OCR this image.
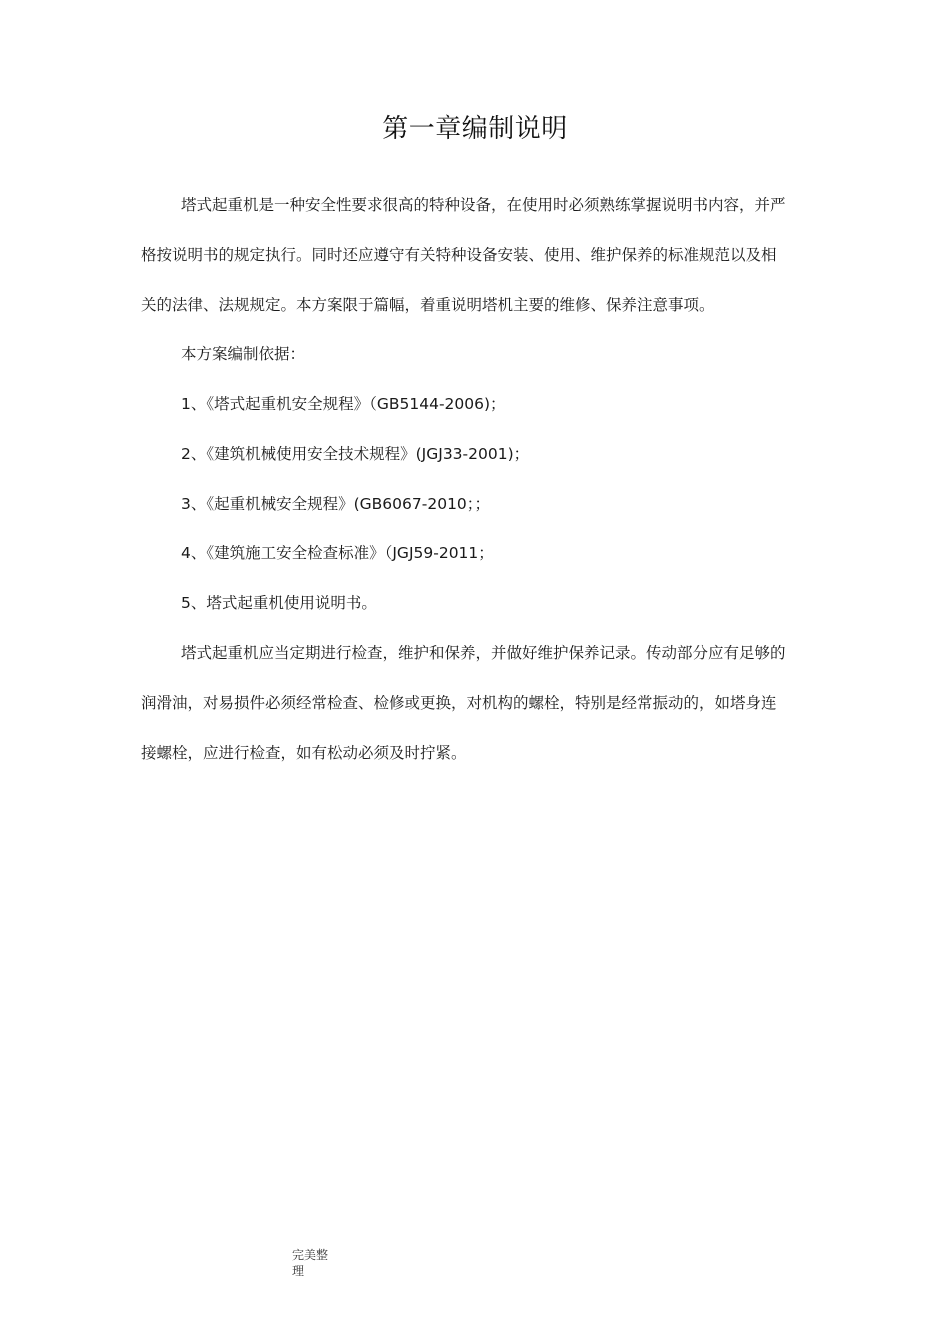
第一章编制说明
塔式起重机是一种安全性要求很高的特种设备，在使用时必须熟练掌握说明书内容，并严
格按说明书的规定执行。同时还应遵守有关特种设备安装、使用、维护保养的标准规范以及相
关的法律、法规规定。本方案限于篇幅，着重说明塔机主要的维修、保养注意事项。
本方案编制依据：
1、《塔式起重机安全规程》（GB5144-2006)；
2、《建筑机械使用安全技术规程》(JGJ33-2001)；
3、《起重机械安全规程》(GB6067-2010；；
4、《建筑施工安全检查标准》（JGJ59-2011；
5、塔式起重机使用说明书。
塔式起重机应当定期进行检查，维护和保养，并做好维护保养记录。传动部分应有足够的
润滑油，对易损件必须经常检查、检修或更换，对机构的螺栓，特别是经常振动的，如塔身连
接螺栓，应进行检查，如有松动必须及时拧紧。
完美整
理
